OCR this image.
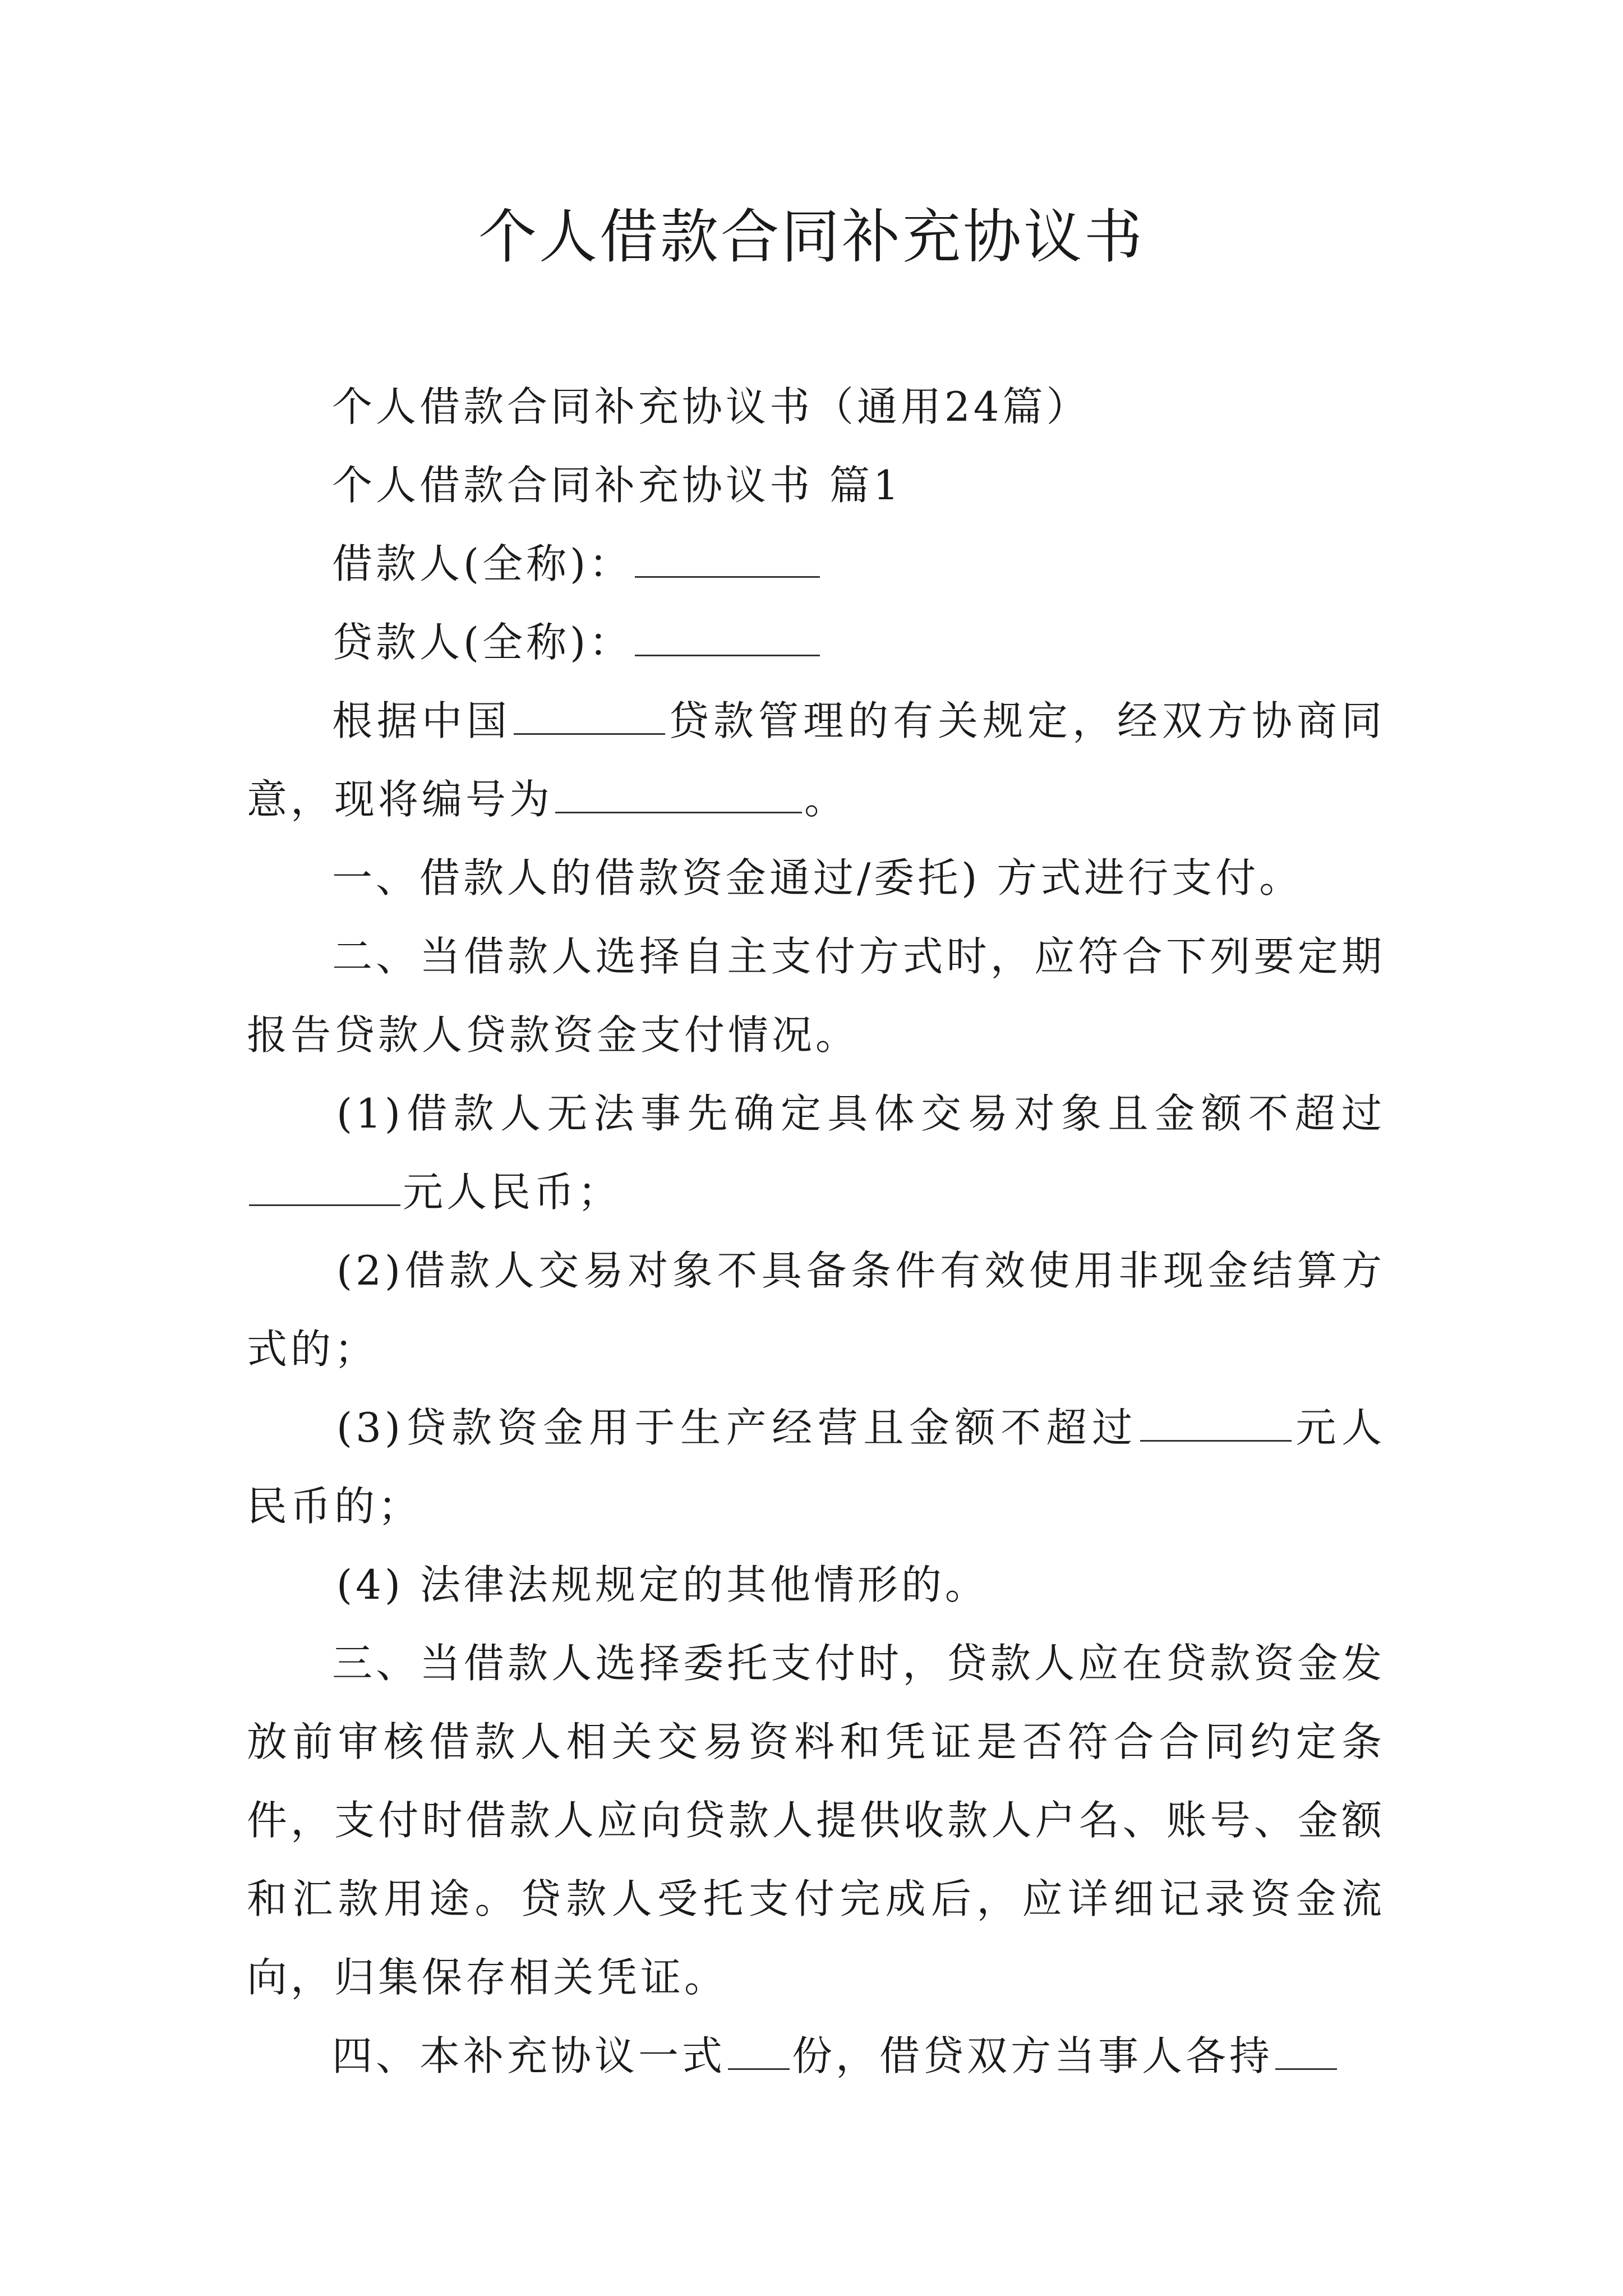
个人借款合同补充协议书

个人借款合同补充协议书（通用24篇）

个人借款合同补充协议书 篇1

借款人(全称)：

贷款人(全称)：

根据中国	贷款管理的有关规定，经双方协商同意，现将编号为	。

一、借款人的借款资金通过/委托) 方式进行支付。

二、当借款人选择自主支付方式时，应符合下列要定期报告贷款人贷款资金支付情况。

(1)借款人无法事先确定具体交易对象且金额不超过元人民币；

(2)借款人交易对象不具备条件有效使用非现金结算方式的；

(3)贷款资金用于生产经营且金额不超过	元人民币的；

(4) 法律法规规定的其他情形的。

三、当借款人选择委托支付时，贷款人应在贷款资金发放前审核借款人相关交易资料和凭证是否符合合同约定条件，支付时借款人应向贷款人提供收款人户名、账号、金额和汇款用途。贷款人受托支付完成后，应详细记录资金流向，归集保存相关凭证。

四、本补充协议一式 份，借贷双方当事人各持
